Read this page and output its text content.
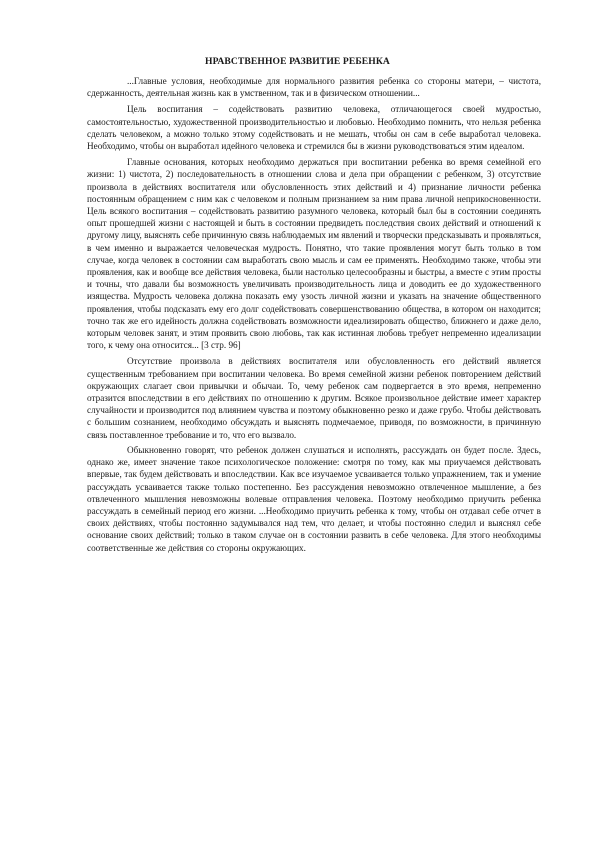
НРАВСТВЕННОЕ РАЗВИТИЕ РЕБЕНКА

...Главные условия, необходимые для нормального развития ребенка со стороны матери, – чистота, сдержанность, деятельная жизнь как в умственном, так и в физическом отношении...

Цель воспитания – содействовать развитию человека, отличающегося своей мудростью, самостоятельностью, художественной производительностью и любовью. Необходимо помнить, что нельзя ребенка сделать человеком, а можно только этому содействовать и не мешать, чтобы он сам в себе выработал человека. Необходимо, чтобы он выработал идейного человека и стремился бы в жизни руководствоваться этим идеалом.

Главные основания, которых необходимо держаться при воспитании ребенка во время семейной его жизни: 1) чистота, 2) последовательность в отношении слова и дела при обращении с ребенком, 3) отсутствие произвола в действиях воспитателя или обусловленность этих действий и 4) признание личности ребенка постоянным обращением с ним как с человеком и полным признанием за ним права личной неприкосновенности. Цель всякого воспитания – содействовать развитию разумного человека, который был бы в состоянии соединять опыт прошедшей жизни с настоящей и быть в состоянии предвидеть последствия своих действий и отношений к другому лицу, выяснять себе причинную связь наблюдаемых им явлений и творчески предсказывать и проявляться, в чем именно и выражается человеческая мудрость. Понятно, что такие проявления могут быть только в том случае, когда человек в состоянии сам выработать свою мысль и сам ее применять. Необходимо также, чтобы эти проявления, как и вообще все действия человека, были настолько целесообразны и быстры, а вместе с этим просты и точны, что давали бы возможность увеличивать производительность лица и доводить ее до художественного изящества. Мудрость человека должна показать ему узость личной жизни и указать на значение общественного проявления, чтобы подсказать ему его долг содействовать совершенствованию общества, в котором он находится; точно так же его идейность должна содействовать возможности идеализировать общество, ближнего и даже дело, которым человек занят, и этим проявить свою любовь, так как истинная любовь требует непременно идеализации того, к чему она относится... [3 стр. 96]

Отсутствие произвола в действиях воспитателя или обусловленность его действий является существенным требованием при воспитании человека. Во время семейной жизни ребенок повторением действий окружающих слагает свои привычки и обычаи. То, чему ребенок сам подвергается в это время, непременно отразится впоследствии в его действиях по отношению к другим. Всякое произвольное действие имеет характер случайности и производится под влиянием чувства и поэтому обыкновенно резко и даже грубо. Чтобы действовать с большим сознанием, необходимо обсуждать и выяснять подмечаемое, приводя, по возможности, в причинную связь поставленное требование и то, что его вызвало.

Обыкновенно говорят, что ребенок должен слушаться и исполнять, рассуждать он будет после. Здесь, однако же, имеет значение такое психологическое положение: смотря по тому, как мы приучаемся действовать впервые, так будем действовать и впоследствии. Как все изучаемое усваивается только упражнением, так и умение рассуждать усваивается также только постепенно. Без рассуждения невозможно отвлеченное мышление, а без отвлеченного мышления невозможны волевые отправления человека. Поэтому необходимо приучить ребенка рассуждать в семейный период его жизни. ...Необходимо приучить ребенка к тому, чтобы он отдавал себе отчет в своих действиях, чтобы постоянно задумывался над тем, что делает, и чтобы постоянно следил и выяснял себе основание своих действий; только в таком случае он в состоянии развить в себе человека. Для этого необходимы соответственные же действия со стороны окружающих.
